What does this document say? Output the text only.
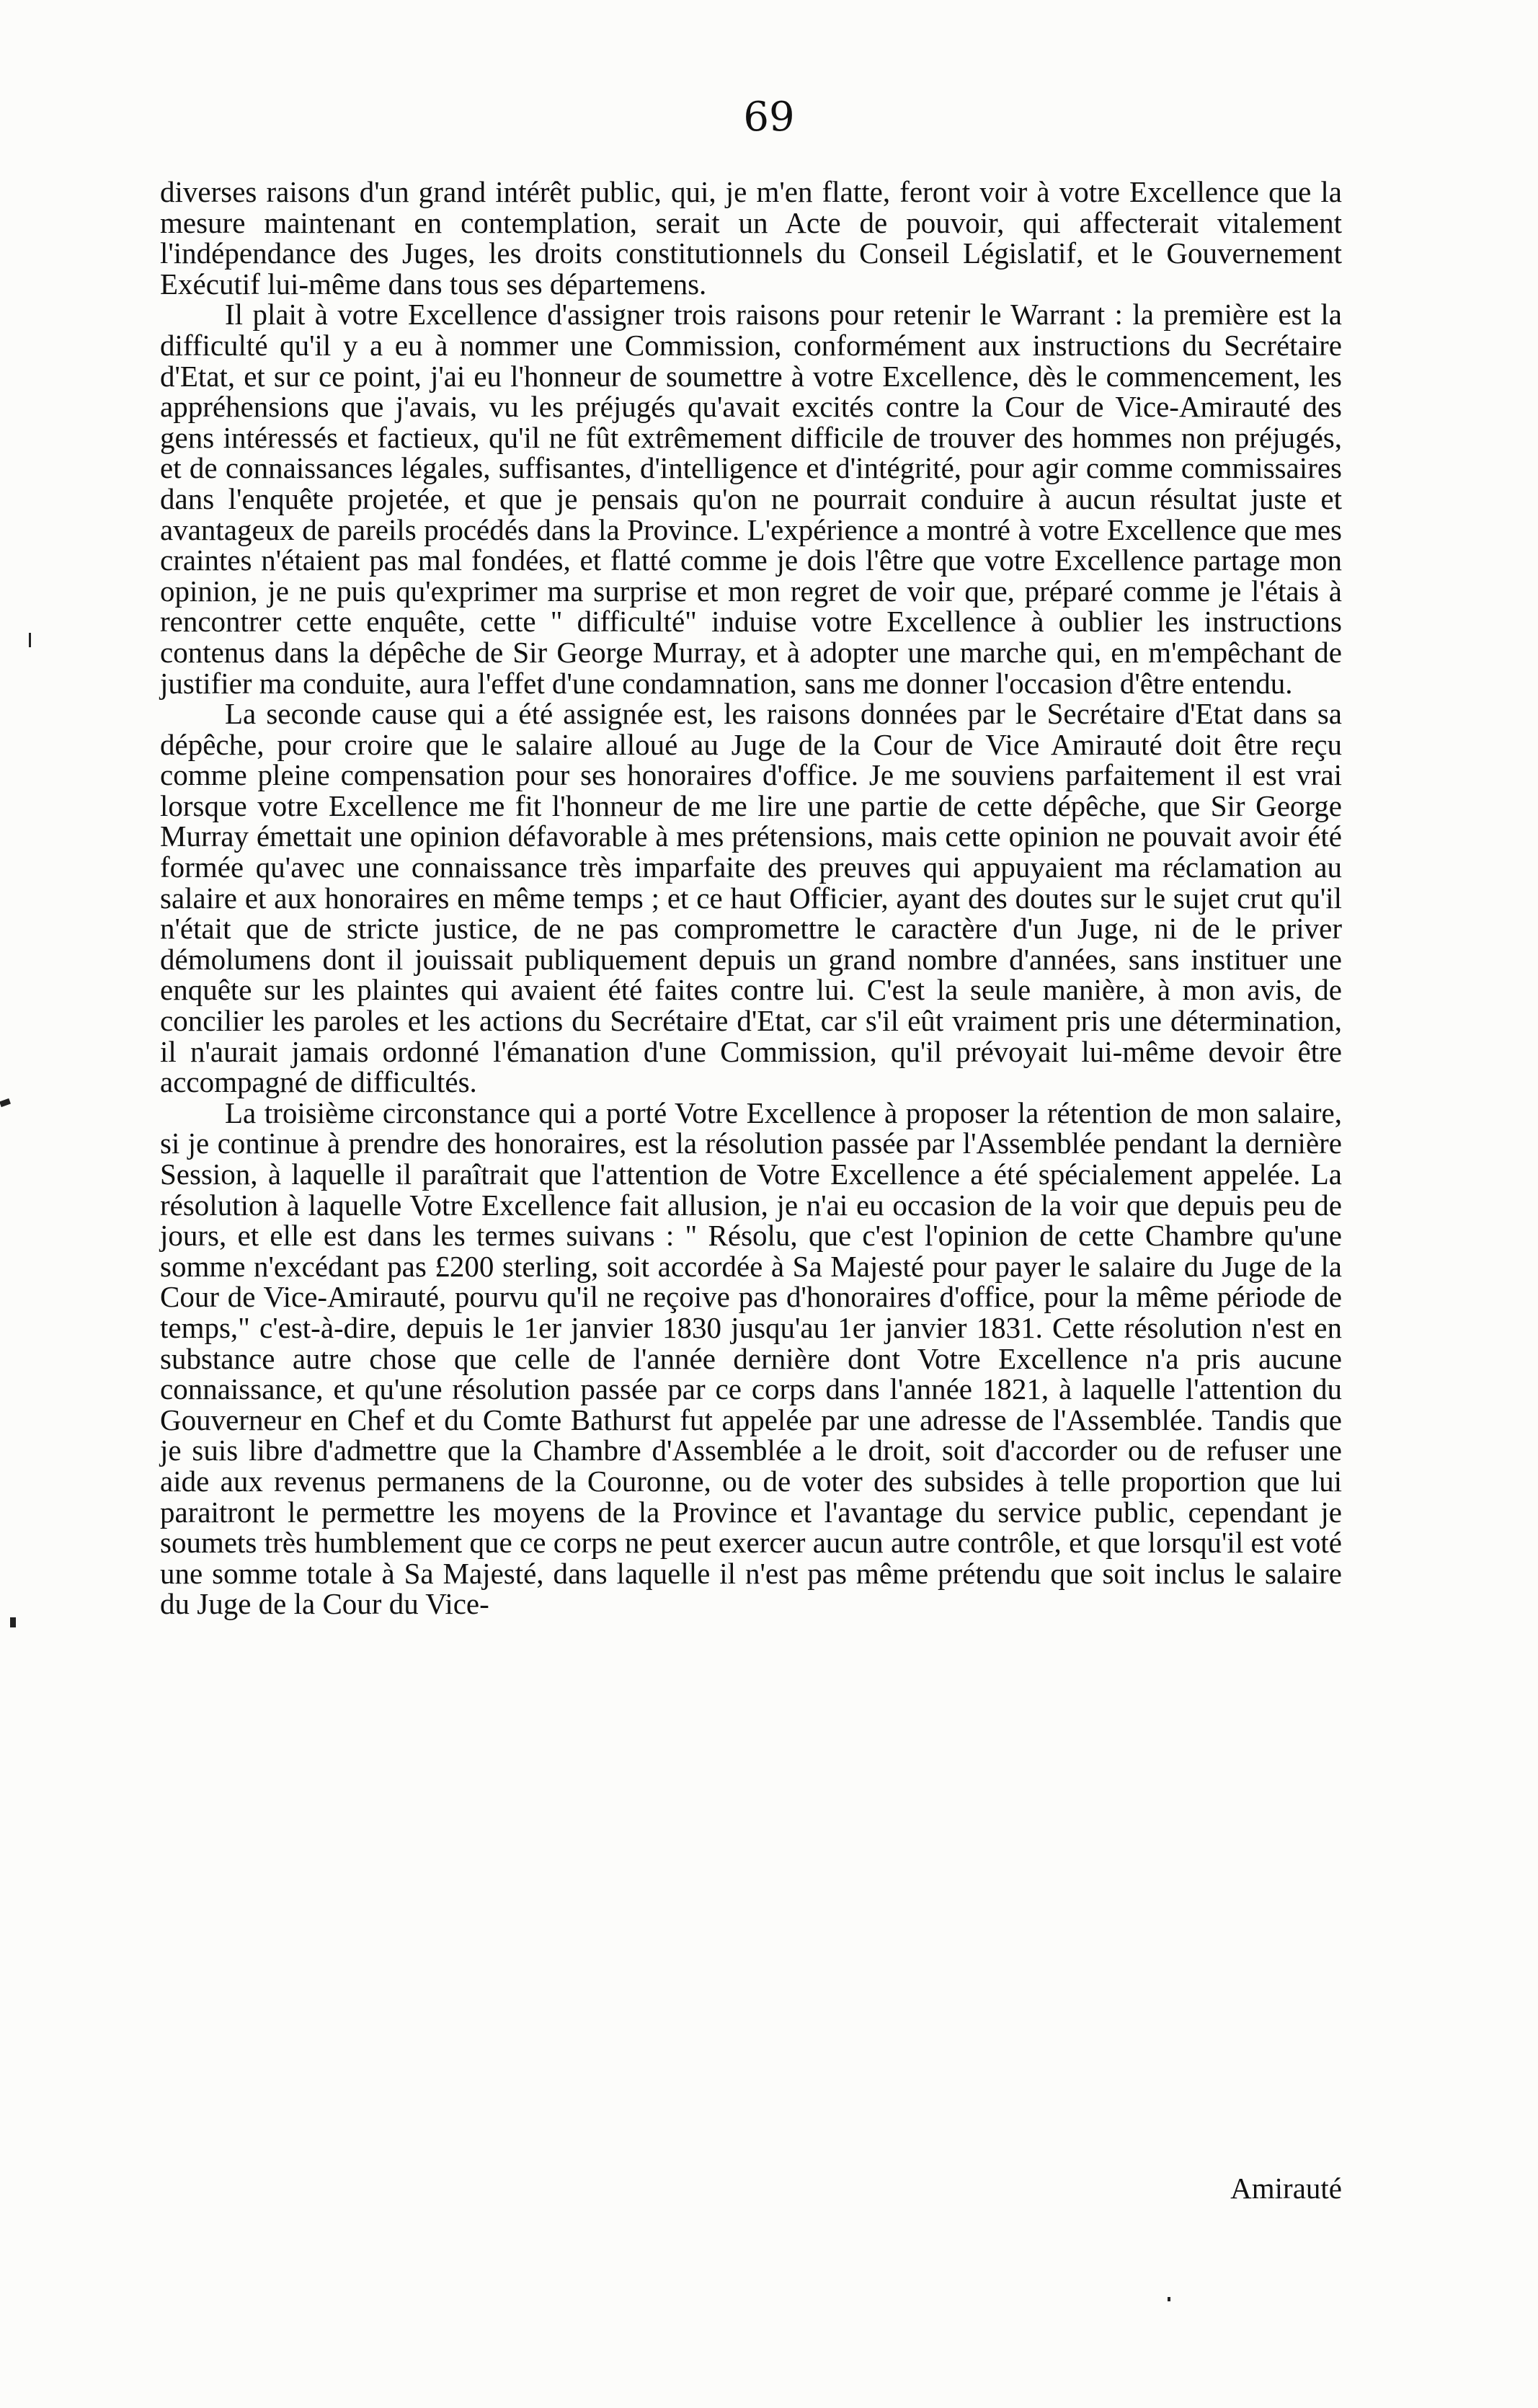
69

diverses raisons d'un grand intérêt public, qui, je m'en flatte, feront voir à votre Excellence que la mesure maintenant en contemplation, serait un Acte de pouvoir, qui affecterait vitalement l'indépendance des Juges, les droits constitutionnels du Conseil Législatif, et le Gouvernement Exécutif lui-même dans tous ses départemens.

Il plait à votre Excellence d'assigner trois raisons pour retenir le Warrant : la première est la difficulté qu'il y a eu à nommer une Commission, conformément aux instructions du Secrétaire d'Etat, et sur ce point, j'ai eu l'honneur de soumettre à votre Excellence, dès le commencement, les appréhensions que j'avais, vu les préjugés qu'avait excités contre la Cour de Vice-Amirauté des gens intéressés et factieux, qu'il ne fût extrêmement difficile de trouver des hommes non préjugés, et de connaissances légales, suffisantes, d'intelligence et d'intégrité, pour agir comme commissaires dans l'enquête projetée, et que je pensais qu'on ne pourrait conduire à aucun résultat juste et avantageux de pareils procédés dans la Province. L'expérience a montré à votre Excellence que mes craintes n'étaient pas mal fondées, et flatté comme je dois l'être que votre Excellence partage mon opinion, je ne puis qu'exprimer ma surprise et mon regret de voir que, préparé comme je l'étais à rencontrer cette enquête, cette " difficulté" induise votre Excellence à oublier les instructions contenus dans la dépêche de Sir George Murray, et à adopter une marche qui, en m'empêchant de justifier ma conduite, aura l'effet d'une condamnation, sans me donner l'occasion d'être entendu.

La seconde cause qui a été assignée est, les raisons données par le Secrétaire d'Etat dans sa dépêche, pour croire que le salaire alloué au Juge de la Cour de Vice Amirauté doit être reçu comme pleine compensation pour ses honoraires d'office. Je me souviens parfaitement il est vrai lorsque votre Excellence me fit l'honneur de me lire une partie de cette dépêche, que Sir George Murray émettait une opinion défavorable à mes prétensions, mais cette opinion ne pouvait avoir été formée qu'avec une connaissance très imparfaite des preuves qui appuyaient ma réclamation au salaire et aux honoraires en même temps ; et ce haut Officier, ayant des doutes sur le sujet crut qu'il n'était que de stricte justice, de ne pas compromettre le caractère d'un Juge, ni de le priver démolumens dont il jouissait publiquement depuis un grand nombre d'années, sans instituer une enquête sur les plaintes qui avaient été faites contre lui. C'est la seule manière, à mon avis, de concilier les paroles et les actions du Secrétaire d'Etat, car s'il eût vraiment pris une détermination, il n'aurait jamais ordonné l'émanation d'une Commission, qu'il prévoyait lui-même devoir être accompagné de difficultés.

La troisième circonstance qui a porté Votre Excellence à proposer la rétention de mon salaire, si je continue à prendre des honoraires, est la résolution passée par l'Assemblée pendant la dernière Session, à laquelle il paraîtrait que l'attention de Votre Excellence a été spécialement appelée. La résolution à laquelle Votre Excellence fait allusion, je n'ai eu occasion de la voir que depuis peu de jours, et elle est dans les termes suivans : " Résolu, que c'est l'opinion de cette Chambre qu'une somme n'excédant pas £200 sterling, soit accordée à Sa Majesté pour payer le salaire du Juge de la Cour de Vice-Amirauté, pourvu qu'il ne reçoive pas d'honoraires d'office, pour la même période de temps," c'est-à-dire, depuis le 1er janvier 1830 jusqu'au 1er janvier 1831. Cette résolution n'est en substance autre chose que celle de l'année dernière dont Votre Excellence n'a pris aucune connaissance, et qu'une résolution passée par ce corps dans l'année 1821, à laquelle l'attention du Gouverneur en Chef et du Comte Bathurst fut appelée par une adresse de l'Assemblée. Tandis que je suis libre d'admettre que la Chambre d'Assemblée a le droit, soit d'accorder ou de refuser une aide aux revenus permanens de la Couronne, ou de voter des subsides à telle proportion que lui paraitront le permettre les moyens de la Province et l'avantage du service public, cependant je soumets très humblement que ce corps ne peut exercer aucun autre contrôle, et que lorsqu'il est voté une somme totale à Sa Majesté, dans laquelle il n'est pas même prétendu que soit inclus le salaire du Juge de la Cour du Vice-

Amirauté
